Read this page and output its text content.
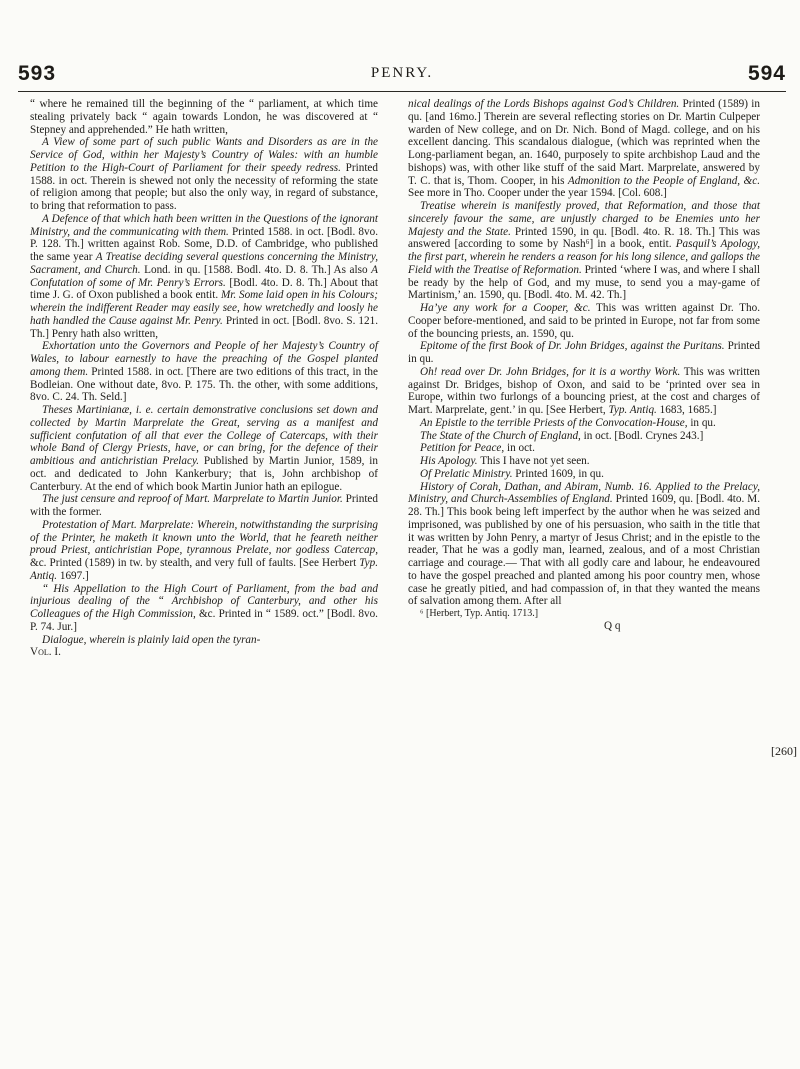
593	PENRY.	594

“ where he remained till the beginning of the “ parliament, at which time stealing privately back “ again towards London, he was discovered at “ Stepney and apprehended.” He hath written,

A View of some part of such public Wants and Disorders as are in the Service of God, within her Majesty’s Country of Wales: with an humble Petition to the High-Court of Parliament for their speedy redress. Printed 1588. in oct. Therein is shewed not only the necessity of reforming the state of religion among that people; but also the only way, in regard of substance, to bring that reformation to pass.

A Defence of that which hath been written in the Questions of the ignorant Ministry, and the communicating with them. Printed 1588. in oct. [Bodl. 8vo. P. 128. Th.] written against Rob. Some, D.D. of Cambridge, who published the same year A Treatise deciding several questions concerning the Ministry, Sacrament, and Church. Lond. in qu. [1588. Bodl. 4to. D. 8. Th.] As also A Confutation of some of Mr. Penry’s Errors. [Bodl. 4to. D. 8. Th.] About that time J. G. of Oxon published a book entit. Mr. Some laid open in his Colours; wherein the indifferent Reader may easily see, how wretchedly and loosly he hath handled the Cause against Mr. Penry. Printed in oct. [Bodl. 8vo. S. 121. Th.] Penry hath also written,

Exhortation unto the Governors and People of her Majesty’s Country of Wales, to labour earnestly to have the preaching of the Gospel planted among them. Printed 1588. in oct. [There are two editions of this tract, in the Bodleian. One without date, 8vo. P. 175. Th. the other, with some additions, 8vo. C. 24. Th. Seld.]

Theses Martinianæ, i. e. certain demonstrative conclusions set down and collected by Martin Marprelate the Great, serving as a manifest and sufficient confutation of all that ever the College of Catercaps, with their whole Band of Clergy Priests, have, or can bring, for the defence of their ambitious and antichristian Prelacy. Published by Martin Junior, 1589, in oct. and dedicated to John Kankerbury; that is, John archbishop of Canterbury. At the end of which book Martin Junior hath an epilogue.

The just censure and reproof of Mart. Marprelate to Martin Junior. Printed with the former.

Protestation of Mart. Marprelate: Wherein, notwithstanding the surprising of the Printer, he maketh it known unto the World, that he feareth neither proud Priest, antichristian Pope, tyrannous Prelate, nor godless Catercap, &c. Printed (1589) in tw. by stealth, and very full of faults. [See Herbert Typ. Antiq. 1697.]

“ His Appellation to the High Court of Parliament, from the bad and injurious dealing of the “ Archbishop of Canterbury, and other his Colleagues of the High Commission, &c. Printed in “ 1589. oct.” [Bodl. 8vo. P. 74. Jur.]

Dialogue, wherein is plainly laid open the tyran-

Vol. I.

nical dealings of the Lords Bishops against God’s Children. Printed (1589) in qu. [and 16mo.] Therein are several reflecting stories on Dr. Martin Culpeper warden of New college, and on Dr. Nich. Bond of Magd. college, and on his excellent dancing. This scandalous dialogue, (which was reprinted when the Long-parliament began, an. 1640, purposely to spite archbishop Laud and the bishops) was, with other like stuff of the said Mart. Marprelate, answered by T. C. that is, Thom. Cooper, in his Admonition to the People of England, &c. See more in Tho. Cooper under the year 1594. [Col. 608.]

Treatise wherein is manifestly proved, that Reformation, and those that sincerely favour the same, are unjustly charged to be Enemies unto her Majesty and the State. Printed 1590, in qu. [Bodl. 4to. R. 18. Th.] This was answered [according to some by Nash⁶] in a book, entit. Pasquil’s Apology, the first part, wherein he renders a reason for his long silence, and gallops the Field with the Treatise of Reformation. Printed ‘where I was, and where I shall be ready by the help of God, and my muse, to send you a may-game of Martinism,’ an. 1590, qu. [Bodl. 4to. M. 42. Th.]

Ha’ye any work for a Cooper, &c. This was written against Dr. Tho. Cooper before-mentioned, and said to be printed in Europe, not far from some of the bouncing priests, an. 1590, qu.

Epitome of the first Book of Dr. John Bridges, against the Puritans. Printed in qu.

Oh! read over Dr. John Bridges, for it is a worthy Work. This was written against Dr. Bridges, bishop of Oxon, and said to be ‘printed over sea in Europe, within two furlongs of a bouncing priest, at the cost and charges of Mart. Marprelate, gent.’ in qu. [See Herbert, Typ. Antiq. 1683, 1685.]

An Epistle to the terrible Priests of the Convocation-House, in qu.

The State of the Church of England, in oct. [Bodl. Crynes 243.]

Petition for Peace, in oct.

His Apology. This I have not yet seen.

Of Prelatic Ministry. Printed 1609, in qu.

History of Corah, Dathan, and Abiram, Numb. 16. Applied to the Prelacy, Ministry, and Church-Assemblies of England. Printed 1609, qu. [Bodl. 4to. M. 28. Th.] This book being left imperfect by the author when he was seized and imprisoned, was published by one of his persuasion, who saith in the title that it was written by John Penry, a martyr of Jesus Christ; and in the epistle to the reader, That he was a godly man, learned, zealous, and of a most Christian carriage and courage.— That with all godly care and labour, he endeavoured to have the gospel preached and planted among his poor country men, whose case he greatly pitied, and had compassion of, in that they wanted the means of salvation among them. After all

⁶ [Herbert, Typ. Antiq. 1713.]

Q q

[260]
